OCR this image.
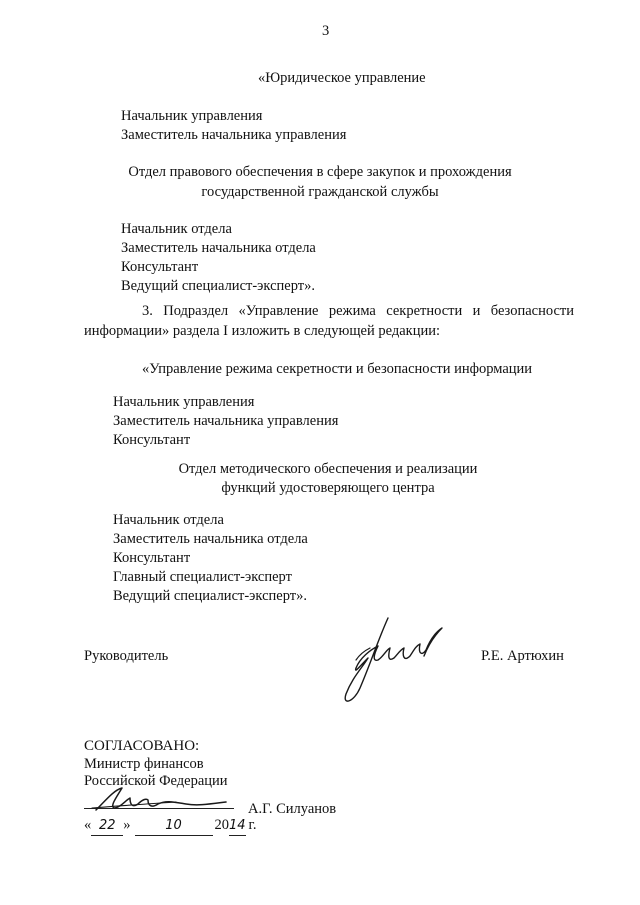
3
«Юридическое управление
Начальник управления
Заместитель начальника управления
Отдел правового обеспечения в сфере закупок и прохождения
государственной гражданской службы
Начальник отдела
Заместитель начальника отдела
Консультант
Ведущий специалист-эксперт».
3. Подраздел «Управление режима секретности и безопасности
информации» раздела I изложить в следующей редакции:
«Управление режима секретности и безопасности информации
Начальник управления
Заместитель начальника управления
Консультант
Отдел методического обеспечения и реализации
функций удостоверяющего центра
Начальник отдела
Заместитель начальника отдела
Консультант
Главный специалист-эксперт
Ведущий специалист-эксперт».
Руководитель	Р.Е. Артюхин
СОГЛАСОВАНО:
Министр финансов
Российской Федерации
А.Г. Силуанов
« 22 »	10 2014 г.
